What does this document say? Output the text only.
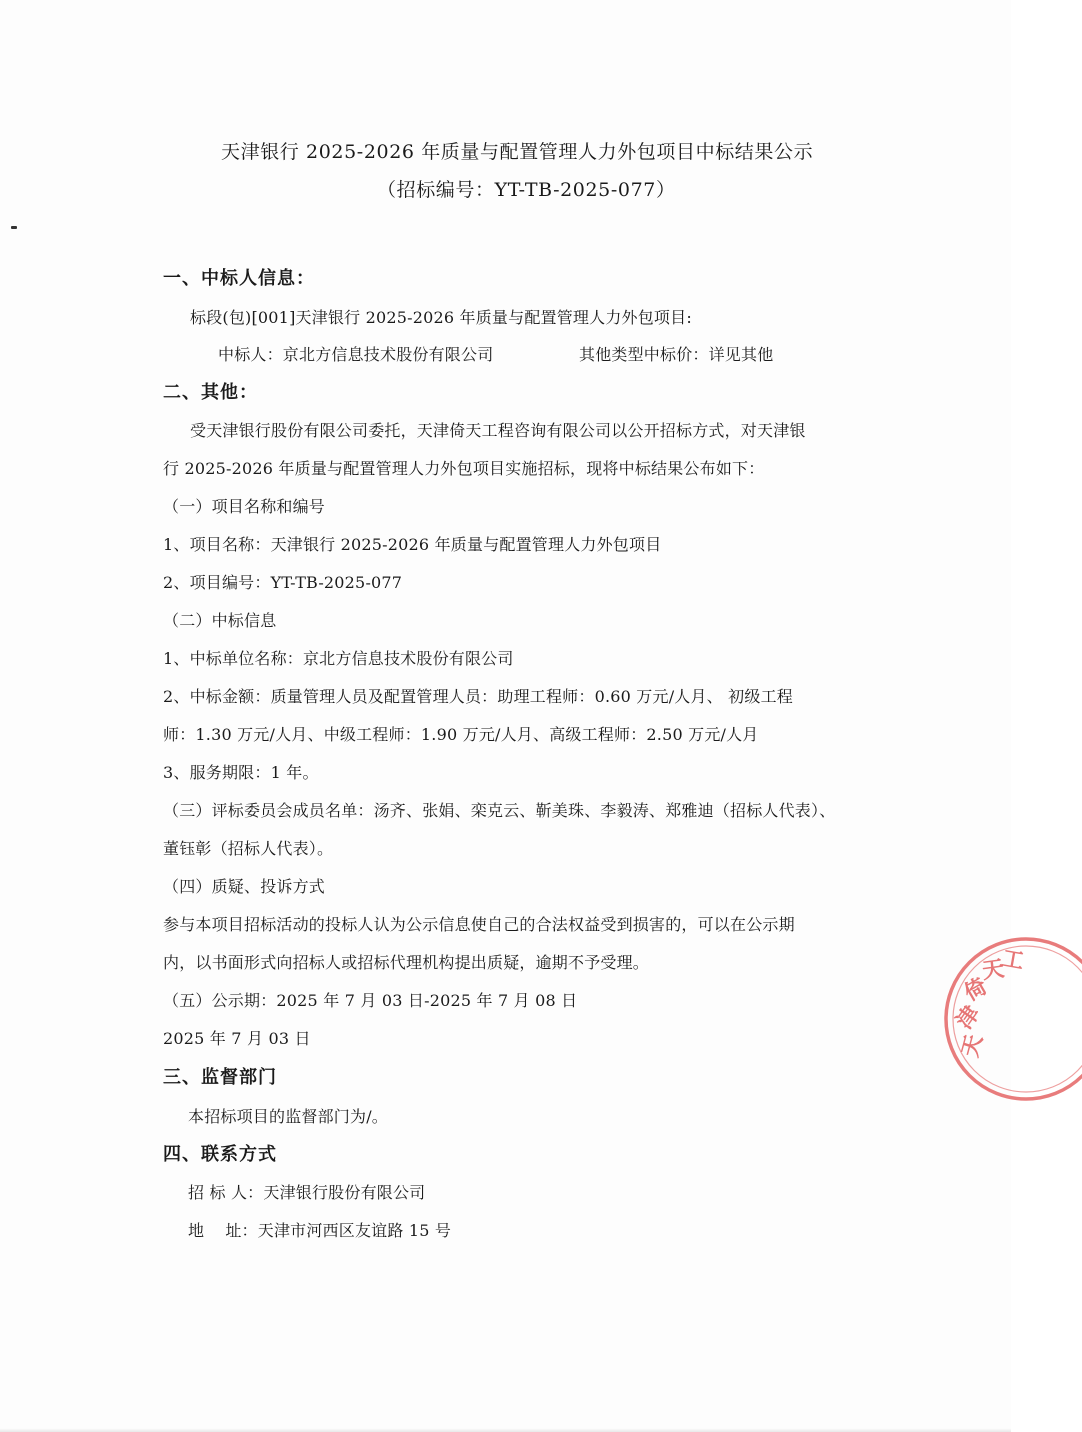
天津银行 2025-2026 年质量与配置管理人力外包项目中标结果公示
（招标编号：YT-TB-2025-077）
一、中标人信息：
标段(包)[001]天津银行 2025-2026 年质量与配置管理人力外包项目:
中标人：京北方信息技术股份有限公司	其他类型中标价：详见其他
二、其他：
受天津银行股份有限公司委托，天津倚天工程咨询有限公司以公开招标方式，对天津银
行 2025-2026 年质量与配置管理人力外包项目实施招标，现将中标结果公布如下：
（一）项目名称和编号
1、项目名称：天津银行 2025-2026 年质量与配置管理人力外包项目
2、项目编号：YT-TB-2025-077
（二）中标信息
1、中标单位名称：京北方信息技术股份有限公司
2、中标金额：质量管理人员及配置管理人员：助理工程师：0.60 万元/人月、 初级工程
师：1.30 万元/人月、中级工程师：1.90 万元/人月、高级工程师：2.50 万元/人月
3、服务期限：1 年。
（三）评标委员会成员名单：汤齐、张娟、栾克云、靳美珠、李毅涛、郑雅迪（招标人代表）、
董钰彰（招标人代表）。
（四）质疑、投诉方式
参与本项目招标活动的投标人认为公示信息使自己的合法权益受到损害的，可以在公示期
内，以书面形式向招标人或招标代理机构提出质疑，逾期不予受理。
（五）公示期：2025 年 7 月 03 日-2025 年 7 月 08 日
2025 年 7 月 03 日
三、监督部门
本招标项目的监督部门为/。
四、联系方式
招 标 人：天津银行股份有限公司
地    址：天津市河西区友谊路 15 号
天
津
倚
天
工
